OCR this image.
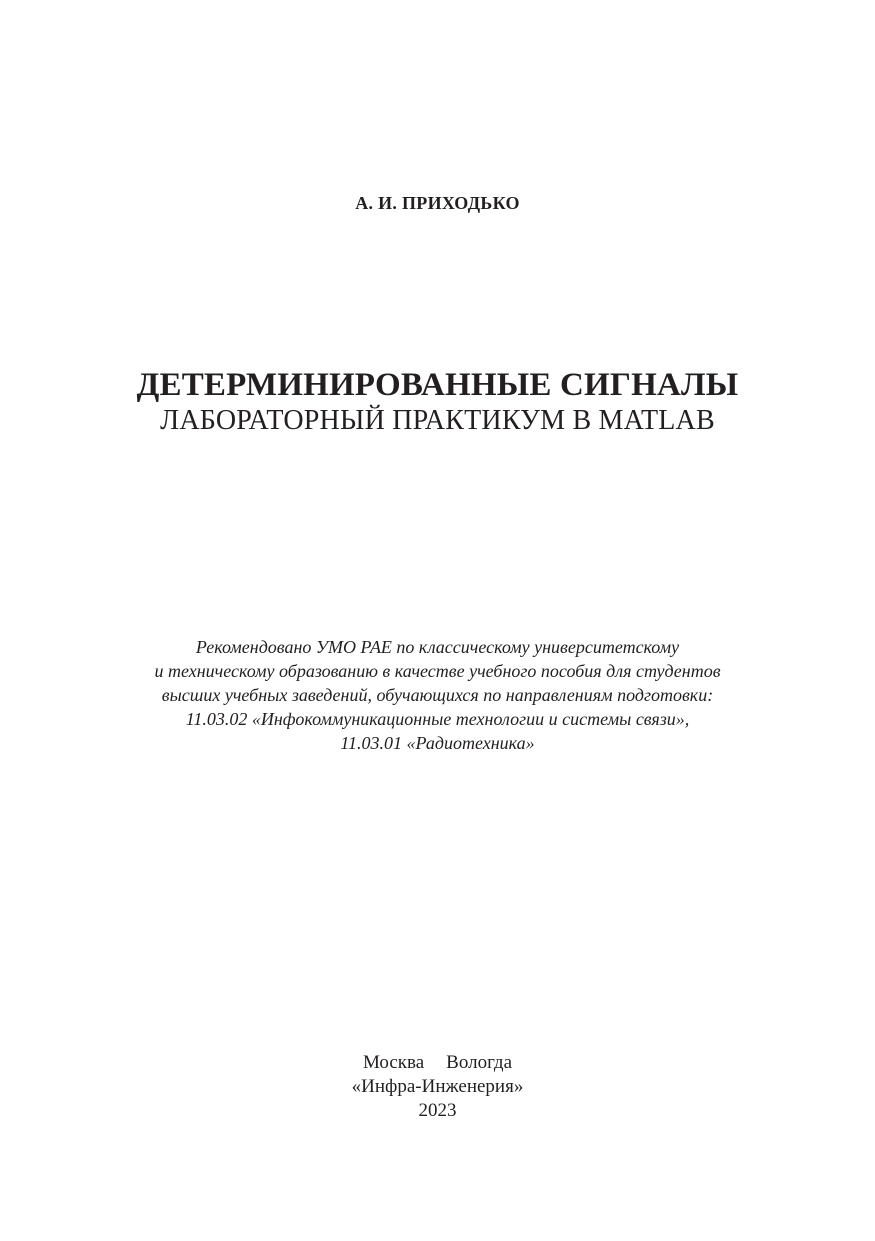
А. И. ПРИХОДЬКО
ДЕТЕРМИНИРОВАННЫЕ СИГНАЛЫ
ЛАБОРАТОРНЫЙ ПРАКТИКУМ В MATLAB
Рекомендовано УМО РАЕ по классическому университетскому
и техническому образованию в качестве учебного пособия для студентов
высших учебных заведений, обучающихся по направлениям подготовки:
11.03.02 «Инфокоммуникационные технологии и системы связи»,
11.03.01 «Радиотехника»
Москва Вологда
«Инфра-Инженерия»
2023
